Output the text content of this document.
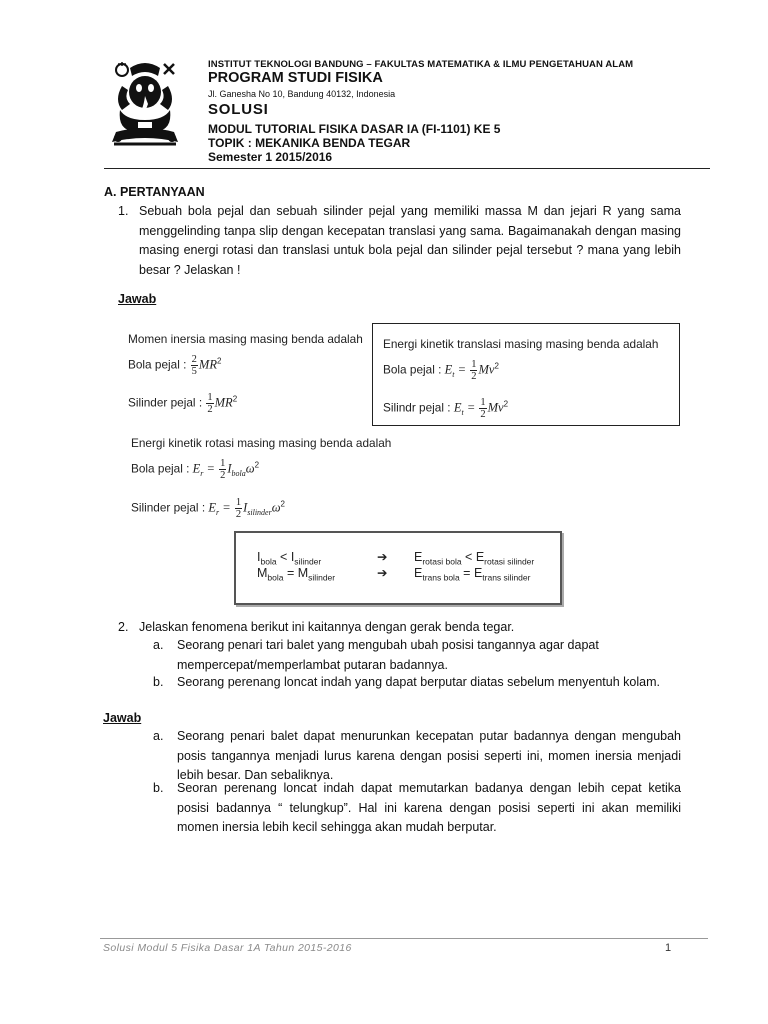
INSTITUT TEKNOLOGI BANDUNG – FAKULTAS MATEMATIKA & ILMU PENGETAHUAN ALAM
PROGRAM STUDI FISIKA
Jl. Ganesha No 10, Bandung 40132, Indonesia
SOLUSI
MODUL TUTORIAL FISIKA DASAR IA (FI-1101) KE 5
TOPIK : MEKANIKA BENDA TEGAR
Semester 1 2015/2016
A. PERTANYAAN
1. Sebuah bola pejal dan sebuah silinder pejal yang memiliki massa M dan jejari R yang sama menggelinding tanpa slip dengan kecepatan translasi yang sama. Bagaimanakah dengan masing masing energi rotasi dan translasi untuk bola pejal dan silinder pejal tersebut ? mana yang lebih besar ? Jelaskan !
Jawab
Momen inersia masing masing benda adalah
Bola pejal : $\frac{2}{5} MR^2$
Silinder pejal : $\frac{1}{2} MR^2$
Energi kinetik translasi masing masing benda adalah
Bola pejal : $E_t = \frac{1}{2} Mv^2$
Silindr pejal : $E_t = \frac{1}{2} Mv^2$
Energi kinetik rotasi masing masing benda adalah
Bola pejal : $E_r = \frac{1}{2} I_{bola}\omega^2$
Silinder pejal : $E_r = \frac{1}{2} I_{silinder}\omega^2$
$I_{bola} < I_{silinder}$
$M_{bola} = M_{silinder}$
➔
➔
$E_{rotasi bola} < E_{rotasi silinder}$
$E_{trans bola} = E_{trans silinder}$
2. Jelaskan fenomena berikut ini kaitannya dengan gerak benda tegar.
a. Seorang penari tari balet yang mengubah ubah posisi tangannya agar dapat mempercepat/memperlambat putaran badannya.
b. Seorang perenang loncat indah yang dapat berputar diatas sebelum menyentuh kolam.
Jawab
a. Seorang penari balet dapat menurunkan kecepatan putar badannya dengan mengubah posis tangannya menjadi lurus karena dengan posisi seperti ini, momen inersia menjadi lebih besar. Dan sebaliknya.
b. Seoran perenang loncat indah dapat memutarkan badanya dengan lebih cepat ketika posisi badannya “ telungkup”. Hal ini karena dengan posisi seperti ini akan memiliki momen inersia lebih kecil sehingga akan mudah berputar.
Solusi Modul 5 Fisika Dasar 1A Tahun 2015-2016	1
